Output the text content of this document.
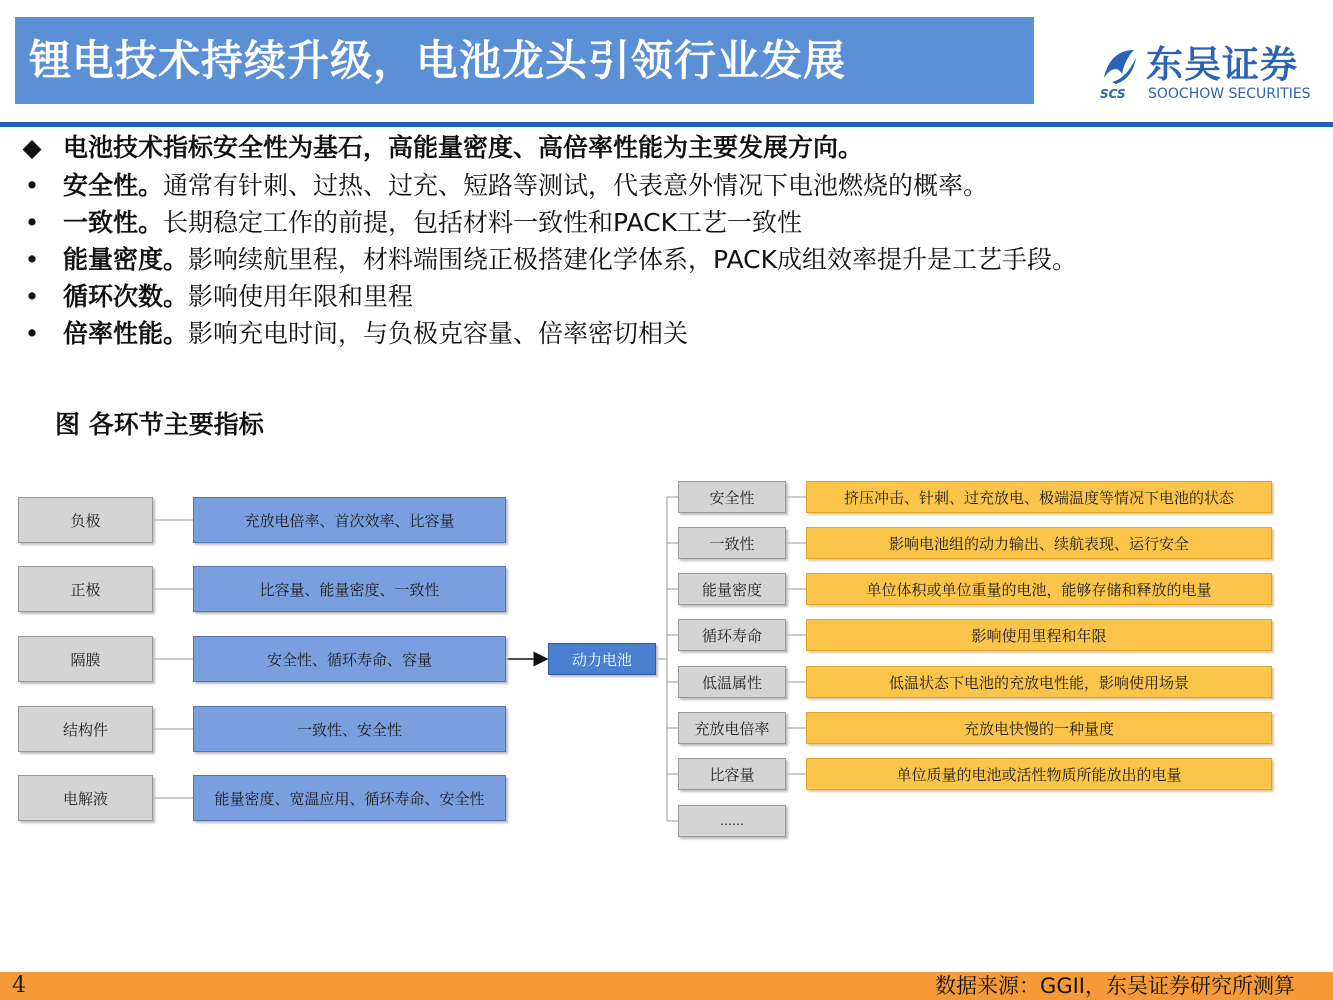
锂电技术持续升级，电池龙头引领行业发展	东吴证券
SCS SOOCHOW SECURITIES
◆ 电池技术指标安全性为基石，高能量密度、高倍率性能为主要发展方向。
• 安全性。通常有针刺、过热、过充、短路等测试，代表意外情况下电池燃烧的概率。
• 一致性。长期稳定工作的前提，包括材料一致性和PACK工艺一致性
• 能量密度。影响续航里程，材料端围绕正极搭建化学体系，PACK成组效率提升是工艺手段。
• 循环次数。影响使用年限和里程
• 倍率性能。影响充电时间，与负极克容量、倍率密切相关
图 各环节主要指标
负极
正极
隔膜
结构件
电解液
充放电倍率、首次效率、比容量
比容量、能量密度、一致性
安全性、循环寿命、容量
一致性、安全性
能量密度、宽温应用、循环寿命、安全性
动力电池
安全性
一致性
能量密度
循环寿命
低温属性
充放电倍率
比容量
……
挤压冲击、针刺、过充放电、极端温度等情况下电池的状态
影响电池组的动力输出、续航表现、运行安全
单位体积或单位重量的电池，能够存储和释放的电量
影响使用里程和年限
低温状态下电池的充放电性能，影响使用场景
充放电快慢的一种量度
单位质量的电池或活性物质所能放出的电量
4	数据来源：GGII，东吴证券研究所测算
